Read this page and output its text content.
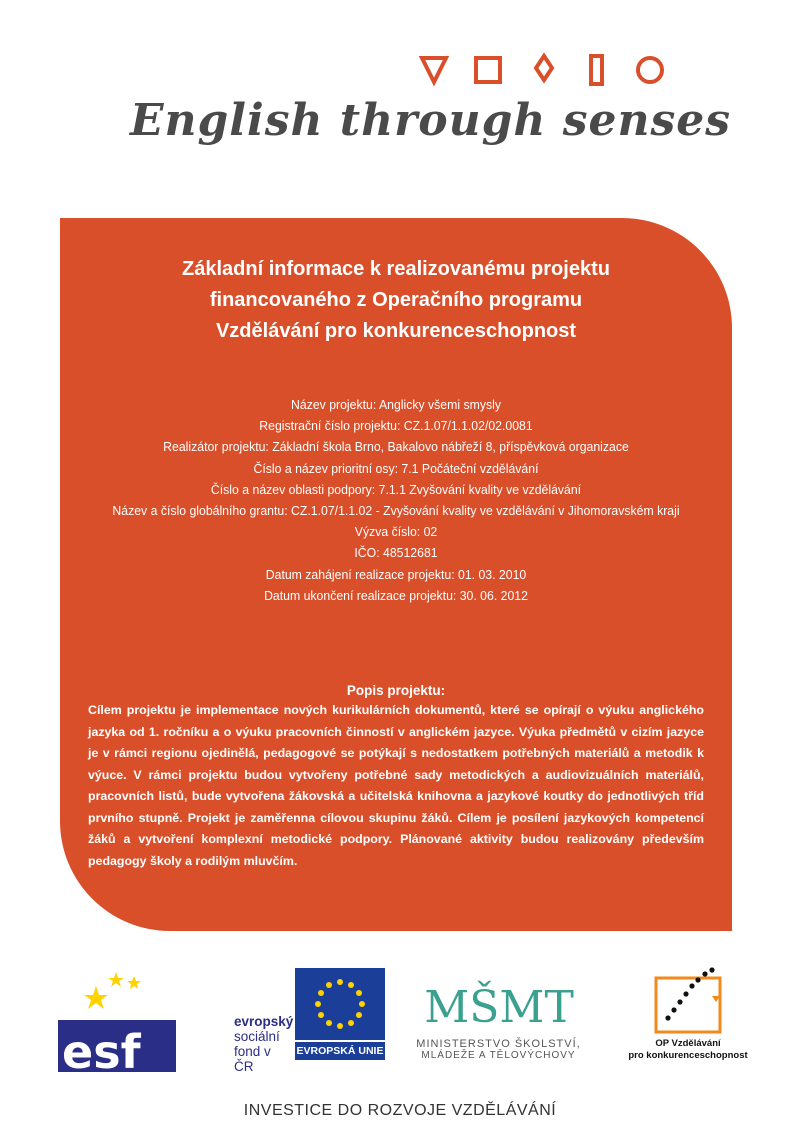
English through senses
Základní informace k realizovanému projektu
financovaného z Operačního programu
Vzdělávání pro konkurenceschopnost
Název projektu: Anglicky všemi smysly
Registrační číslo projektu: CZ.1.07/1.1.02/02.0081
Realizátor projektu: Základní škola Brno, Bakalovo nábřeží 8, příspěvková organizace
Číslo a název prioritní osy: 7.1 Počáteční vzdělávání
Číslo a název oblasti podpory: 7.1.1 Zvyšování kvality ve vzdělávání
Název a číslo globálního grantu: CZ.1.07/1.1.02 - Zvyšování kvality ve vzdělávání v Jihomoravském kraji
Výzva číslo: 02
IČO: 48512681
Datum zahájení realizace projektu: 01. 03. 2010
Datum ukončení realizace projektu: 30. 06. 2012
Popis projektu:
Cílem projektu je implementace nových kurikulárních dokumentů, které se opírají o výuku anglického jazyka od 1. ročníku a o výuku pracovních činností v anglickém jazyce. Výuka předmětů v cizím jazyce je v rámci regionu ojedinělá, pedagogové se potýkají s nedostatkem potřebných materiálů a metodik k výuce. V rámci projektu budou vytvořeny potřebné sady metodických a audiovizuálních materiálů, pracovních listů, bude vytvořena žákovská a učitelská knihovna a jazykové koutky do jednotlivých tříd prvního stupně. Projekt je zaměřenna cílovou skupinu žáků. Cílem je posílení jazykových kompetencí žáků a vytvoření komplexní metodické podpory. Plánované aktivity budou realizovány především pedagogy školy a rodilým mluvčím.
esf
evropský
sociální
fond v ČR
EVROPSKÁ UNIE
MŠMT
MINISTERSTVO ŠKOLSTVÍ,
MLÁDEŽE A TĚLOVÝCHOVY
OP Vzdělávání
pro konkurenceschopnost
INVESTICE DO ROZVOJE VZDĚLÁVÁNÍ
